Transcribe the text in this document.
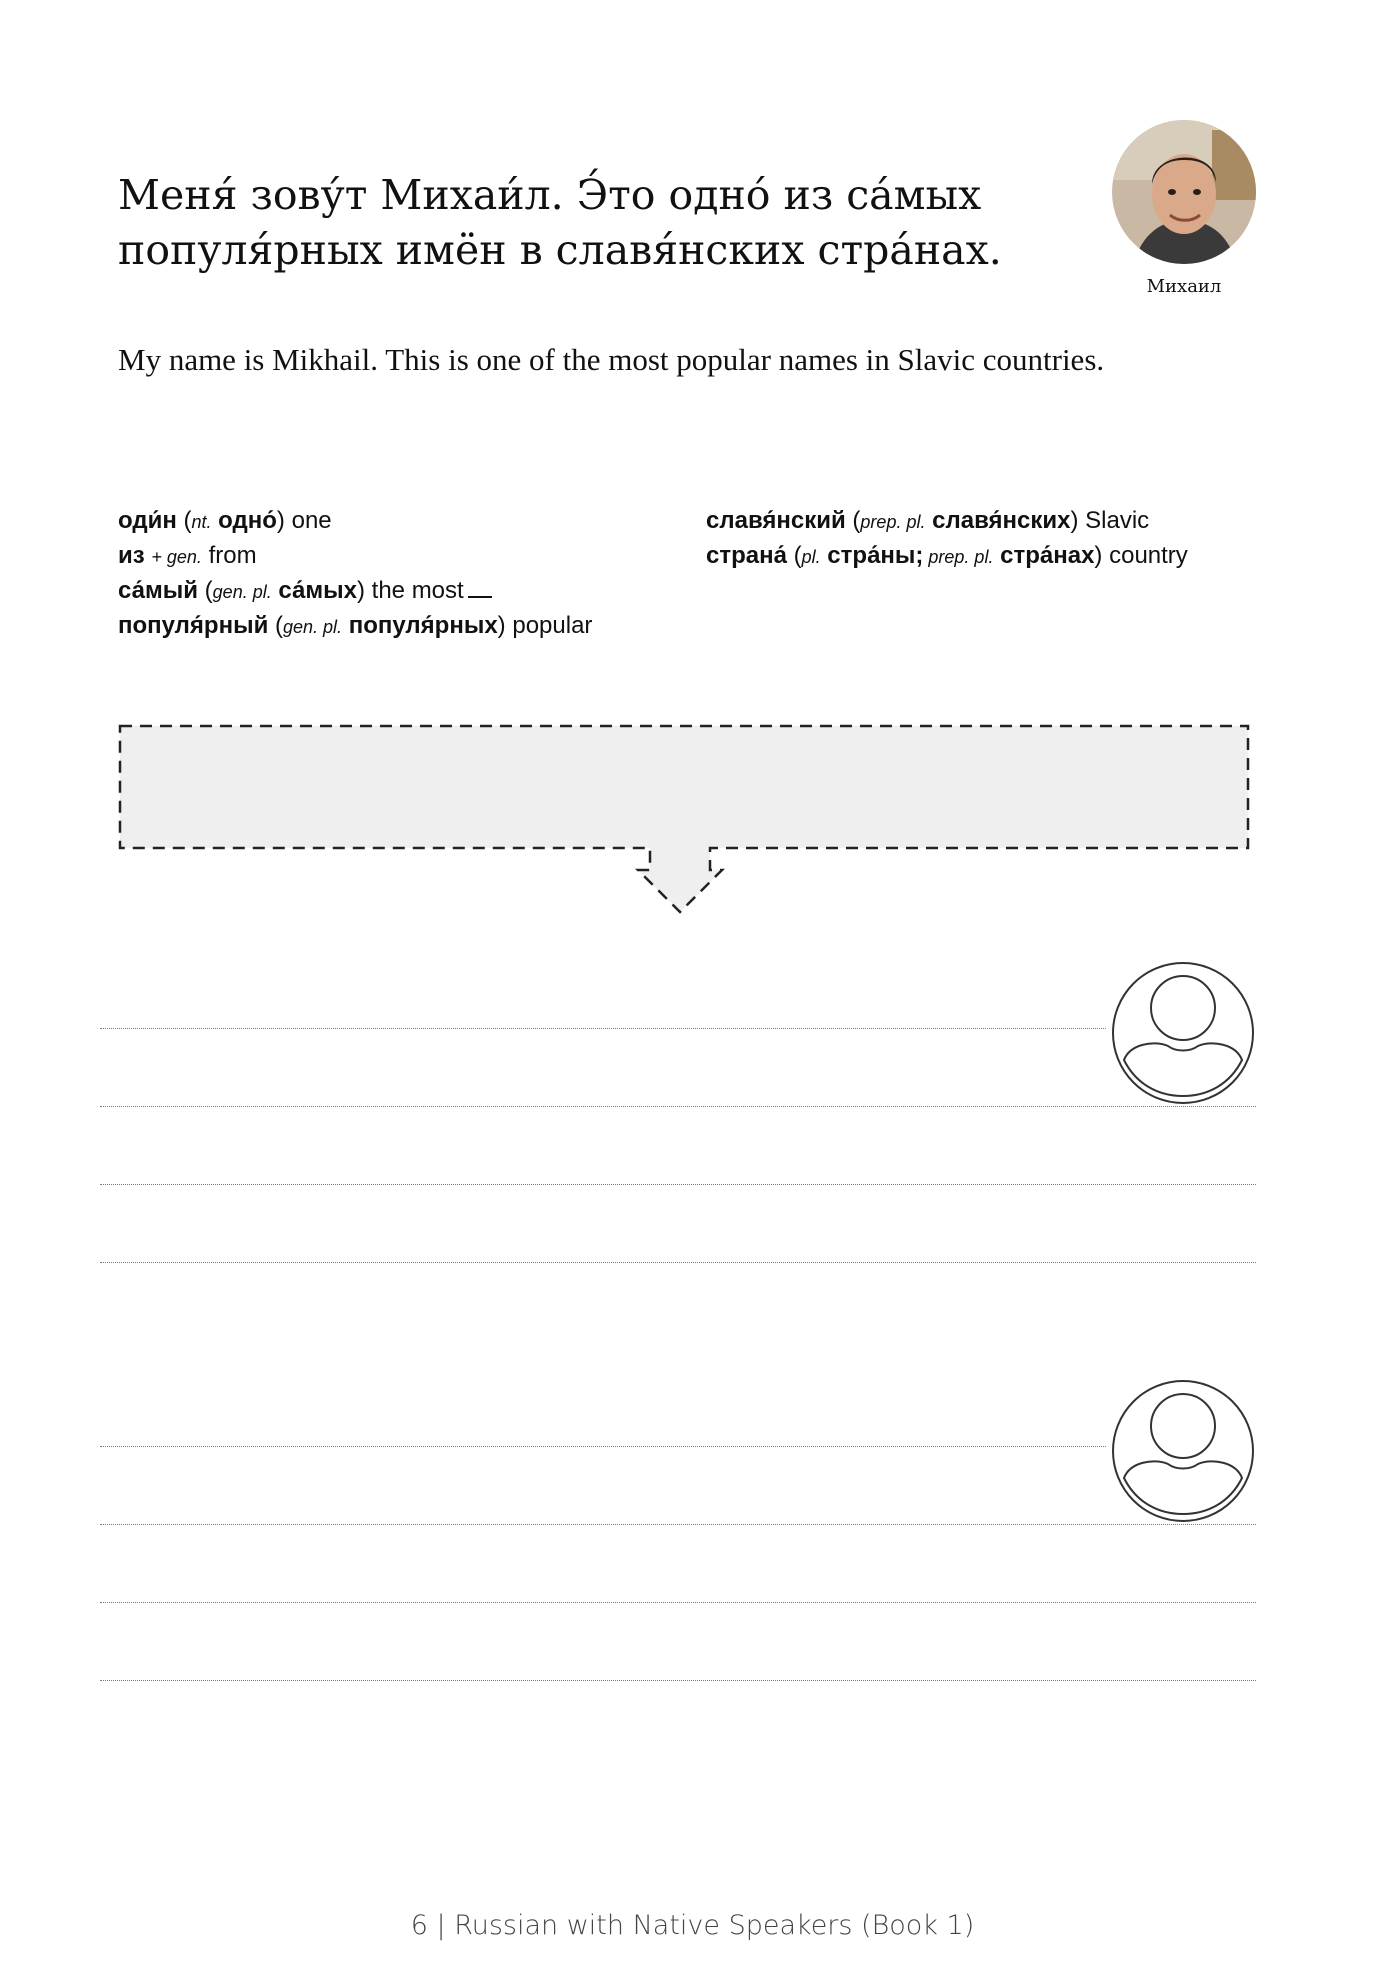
Меня́ зову́т Михаи́л. Э́то одно́ из са́мых
популя́рных имён в славя́нских стра́нах.
Михаил
My name is Mikhail. This is one of the most popular names in Slavic countries.
оди́н (nt. одно́) one
из + gen. from
са́мый (gen. pl. са́мых) the most
популя́рный (gen. pl. популя́рных) popular
славя́нский (prep. pl. славя́нских) Slavic
страна́ (pl. стра́ны; prep. pl. стра́нах) country
6 | Russian with Native Speakers (Book 1)
